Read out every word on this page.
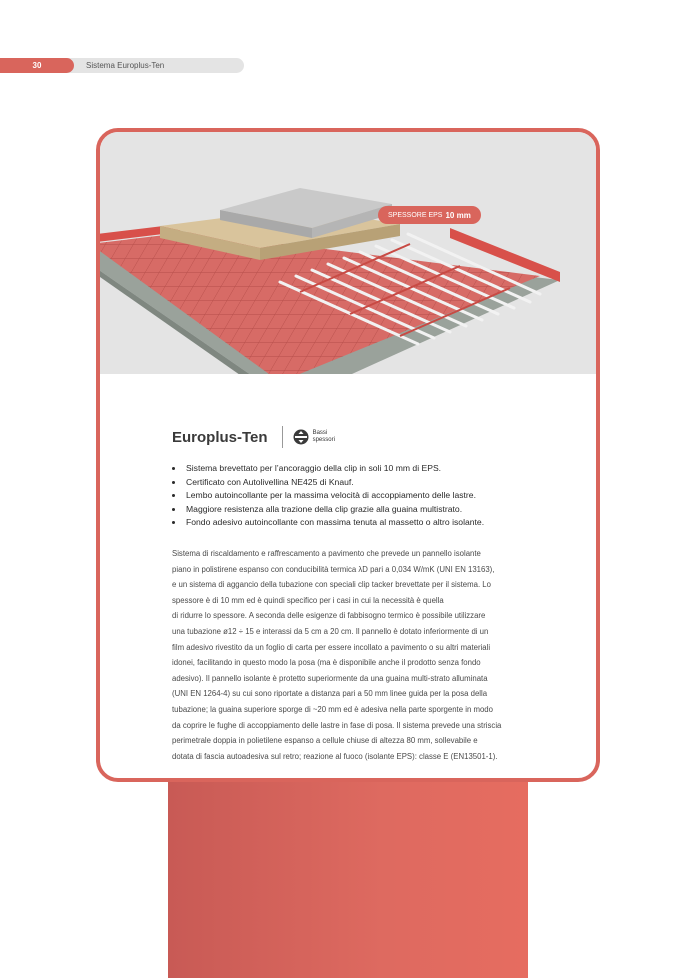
30	Sistema Europlus-Ten
SPESSORE EPS 10 mm
Europlus-Ten	Bassi
spessori
• Sistema brevettato per l’ancoraggio della clip in soli 10 mm di EPS.
• Certificato con Autolivellina NE425 di Knauf.
• Lembo autoincollante per la massima velocità di accoppiamento delle lastre.
• Maggiore resistenza alla trazione della clip grazie alla guaina multistrato.
• Fondo adesivo autoincollante con massima tenuta al massetto o altro isolante.

Sistema di riscaldamento e raffrescamento a pavimento che prevede un pannello isolante
piano in polistirene espanso con conducibilità termica λD pari a 0,034 W/mK (UNI EN 13163),
e un sistema di aggancio della tubazione con speciali clip tacker brevettate per il sistema. Lo
spessore è di 10 mm ed è quindi specifico per i casi in cui la necessità è quella
di ridurre lo spessore. A seconda delle esigenze di fabbisogno termico è possibile utilizzare
una tubazione ø12 ÷ 15 e interassi da 5 cm a 20 cm. Il pannello è dotato inferiormente di un
film adesivo rivestito da un foglio di carta per essere incollato a pavimento o su altri materiali
idonei, facilitando in questo modo la posa (ma è disponibile anche il prodotto senza fondo
adesivo). Il pannello isolante è protetto superiormente da una guaina multi-strato alluminata
(UNI EN 1264-4) su cui sono riportate a distanza pari a 50 mm linee guida per la posa della
tubazione; la guaina superiore sporge di ~20 mm ed è adesiva nella parte sporgente in modo
da coprire le fughe di accoppiamento delle lastre in fase di posa. Il sistema prevede una striscia
perimetrale doppia in polietilene espanso a cellule chiuse di altezza 80 mm, sollevabile e
dotata di fascia autoadesiva sul retro; reazione al fuoco (isolante EPS): classe E (EN13501-1).
